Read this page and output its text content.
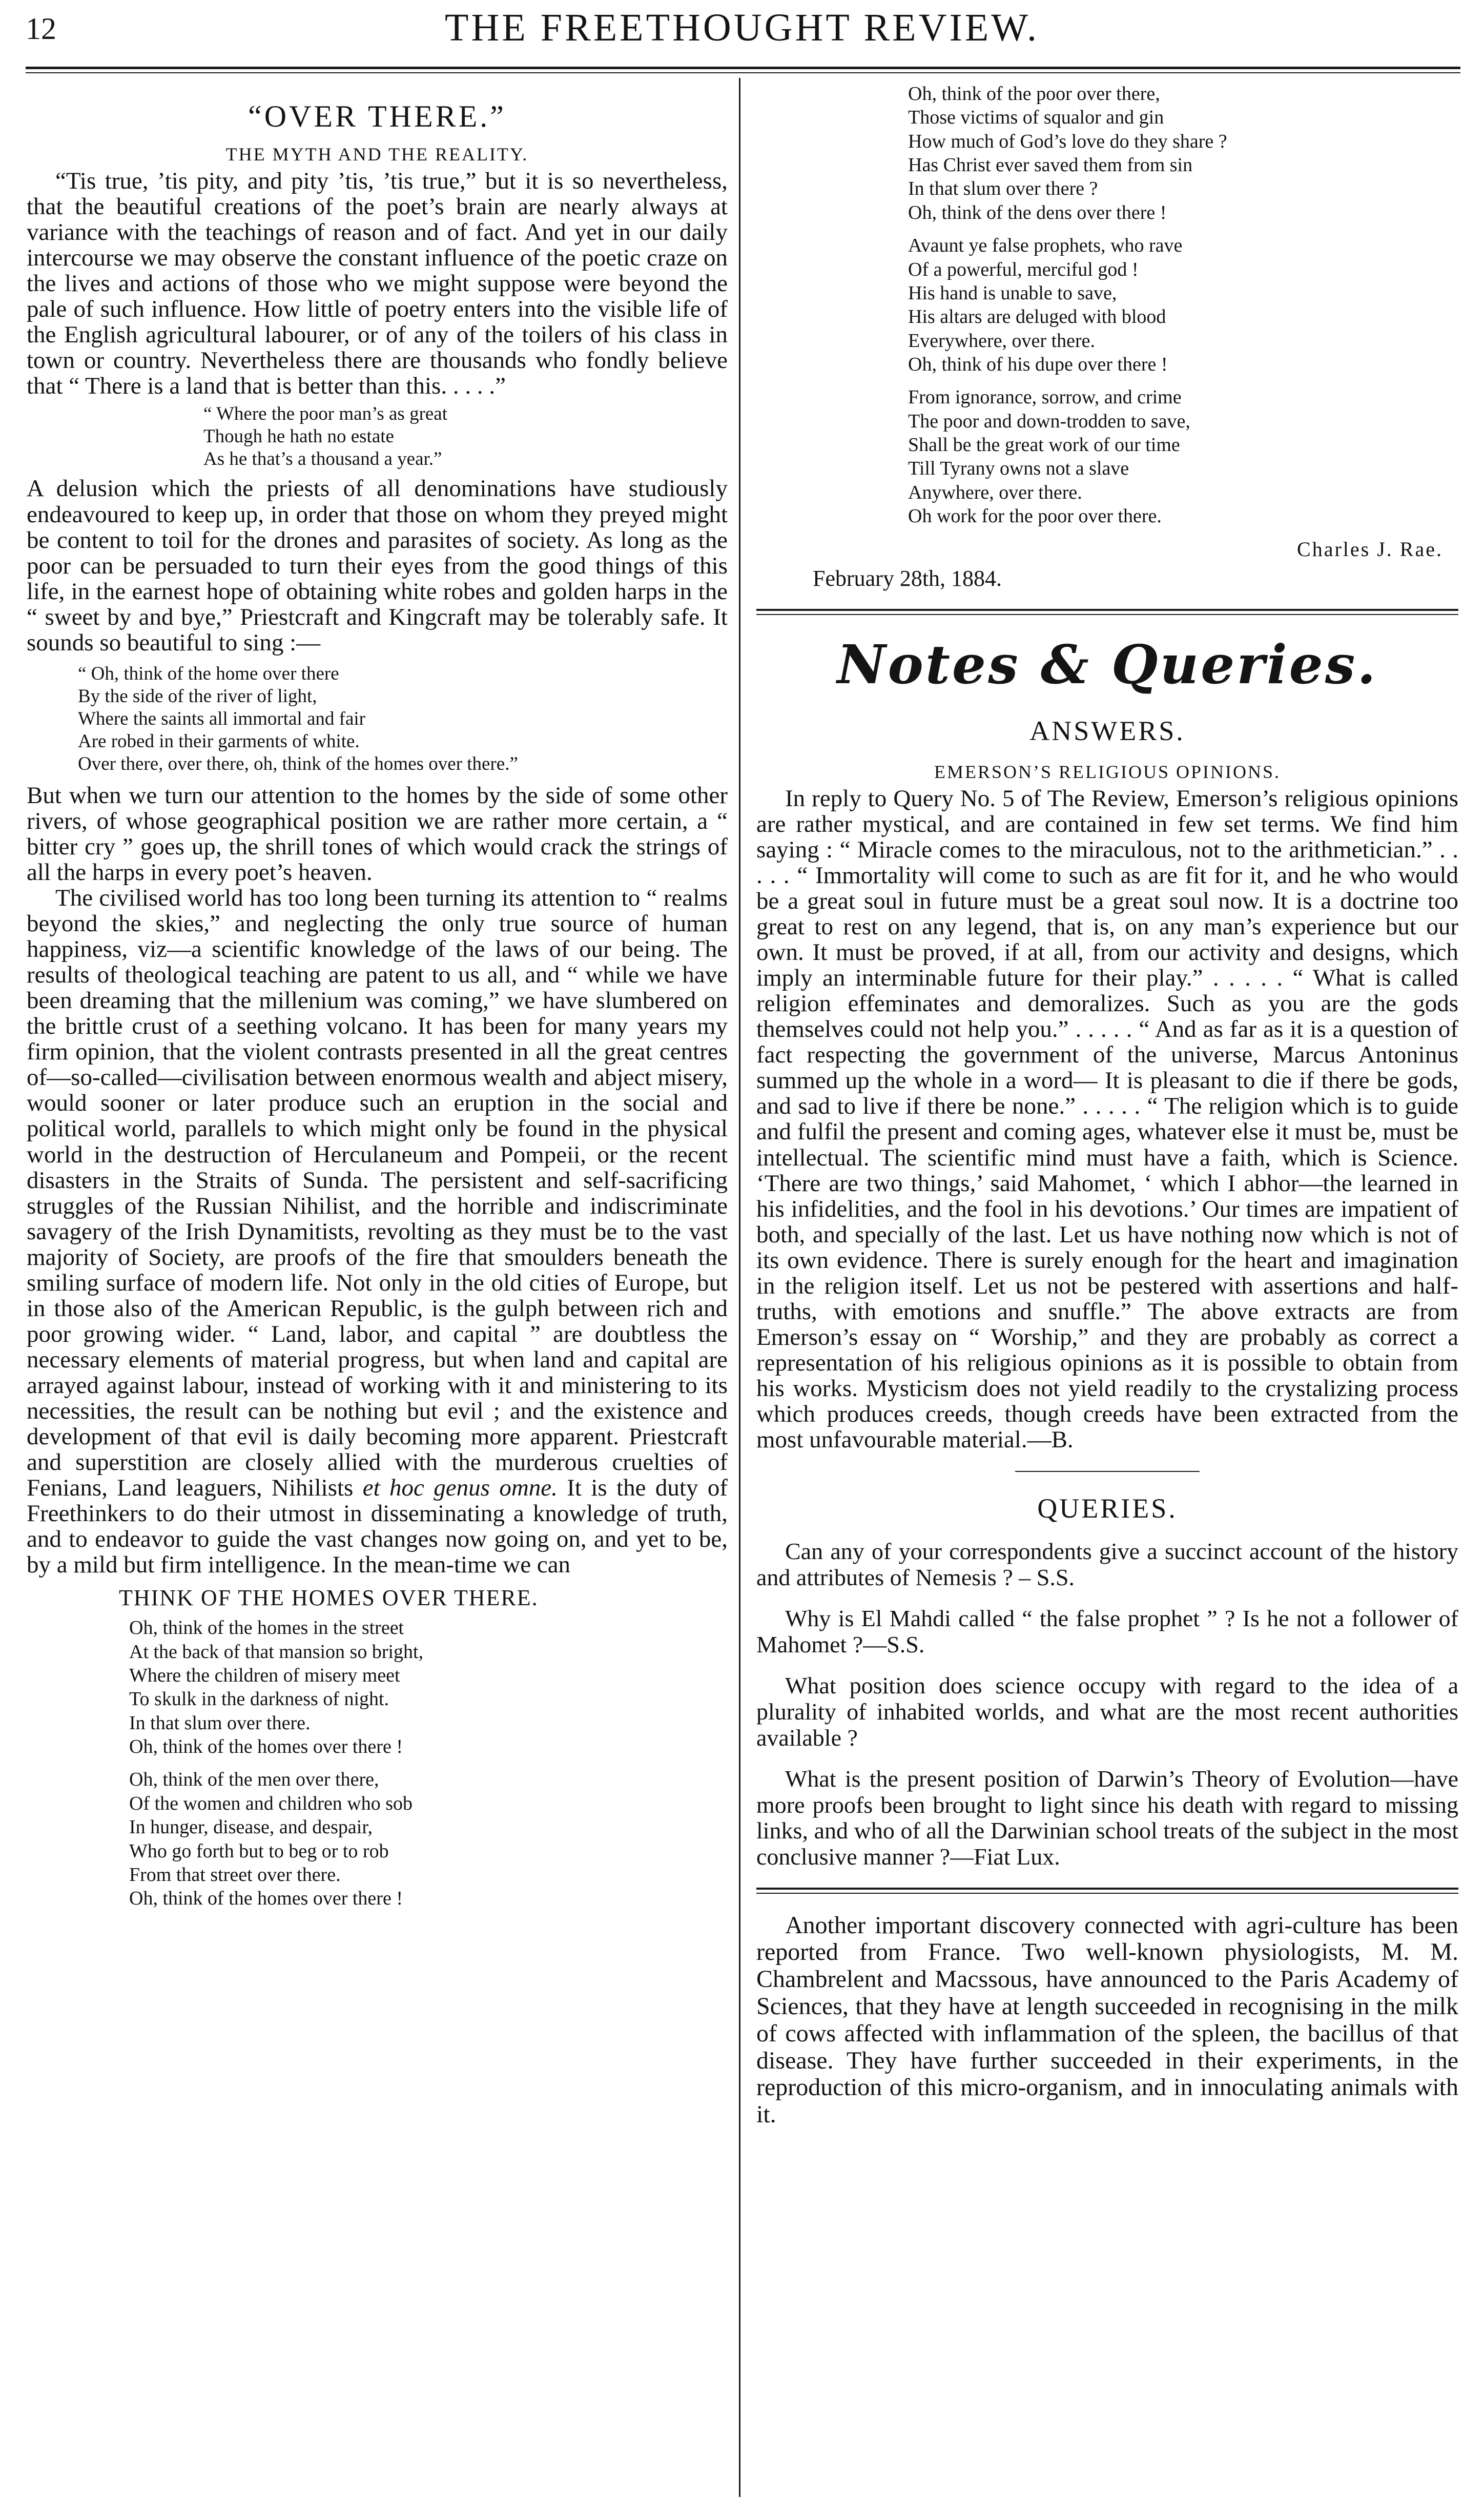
12	THE FREETHOUGHT REVIEW.
“OVER THERE.”
THE MYTH AND THE REALITY.

“Tis true, ’tis pity, and pity ’tis, ’tis true,” but it is so nevertheless, that the beautiful creations of the poet’s brain are nearly always at variance with the teachings of reason and of fact. And yet in our daily intercourse we may observe the constant influence of the poetic craze on the lives and actions of those who we might suppose were beyond the pale of such influence. How little of poetry enters into the visible life of the English agricultural labourer, or of any of the toilers of his class in town or country. Nevertheless there are thousands who fondly believe that “ There is a land that is better than this. . . . .”

“ Where the poor man’s as great
Though he hath no estate
As he that’s a thousand a year.”

A delusion which the priests of all denominations have studiously endeavoured to keep up, in order that those on whom they preyed might be content to toil for the drones and parasites of society. As long as the poor can be persuaded to turn their eyes from the good things of this life, in the earnest hope of obtaining white robes and golden harps in the “ sweet by and bye,” Priestcraft and Kingcraft may be tolerably safe. It sounds so beautiful to sing :—

“ Oh, think of the home over there
By the side of the river of light,
Where the saints all immortal and fair
Are robed in their garments of white.
Over there, over there, oh, think of the homes over there.”

But when we turn our attention to the homes by the side of some other rivers, of whose geographical position we are rather more certain, a “ bitter cry ” goes up, the shrill tones of which would crack the strings of all the harps in every poet’s heaven.

The civilised world has too long been turning its attention to “ realms beyond the skies,” and neglecting the only true source of human happiness, viz—a scientific knowledge of the laws of our being. The results of theological teaching are patent to us all, and “ while we have been dreaming that the millenium was coming,” we have slumbered on the brittle crust of a seething volcano. It has been for many years my firm opinion, that the violent contrasts presented in all the great centres of—so-called—civilisation between enormous wealth and abject misery, would sooner or later produce such an eruption in the social and political world, parallels to which might only be found in the physical world in the destruction of Herculaneum and Pompeii, or the recent disasters in the Straits of Sunda. The persistent and self-sacrificing struggles of the Russian Nihilist, and the horrible and indiscriminate savagery of the Irish Dynamitists, revolting as they must be to the vast majority of Society, are proofs of the fire that smoulders beneath the smiling surface of modern life. Not only in the old cities of Europe, but in those also of the American Republic, is the gulph between rich and poor growing wider. “ Land, labor, and capital ” are doubtless the necessary elements of material progress, but when land and capital are arrayed against labour, instead of working with it and ministering to its necessities, the result can be nothing but evil ; and the existence and development of that evil is daily becoming more apparent. Priestcraft and superstition are closely allied with the murderous cruelties of Fenians, Land leaguers, Nihilists et hoc genus omne. It is the duty of Freethinkers to do their utmost in disseminating a knowledge of truth, and to endeavor to guide the vast changes now going on, and yet to be, by a mild but firm intelligence. In the mean-time we can

THINK OF THE HOMES OVER THERE.
Oh, think of the homes in the street
At the back of that mansion so bright,
Where the children of misery meet
To skulk in the darkness of night.
In that slum over there.
Oh, think of the homes over there !
Oh, think of the men over there,
Of the women and children who sob
In hunger, disease, and despair,
Who go forth but to beg or to rob
From that street over there.
Oh, think of the homes over there !
Oh, think of the poor over there,
Those victims of squalor and gin
How much of God’s love do they share ?
Has Christ ever saved them from sin
In that slum over there ?
Oh, think of the dens over there !
Avaunt ye false prophets, who rave
Of a powerful, merciful god !
His hand is unable to save,
His altars are deluged with blood
Everywhere, over there.
Oh, think of his dupe over there !
From ignorance, sorrow, and crime
The poor and down-trodden to save,
Shall be the great work of our time
Till Tyrany owns not a slave
Anywhere, over there.
Oh work for the poor over there.
Charles J. Rae.
February 28th, 1884.
Notes & Queries.
ANSWERS.
EMERSON’S RELIGIOUS OPINIONS.

In reply to Query No. 5 of The Review, Emerson’s religious opinions are rather mystical, and are contained in few set terms. We find him saying : “ Miracle comes to the miraculous, not to the arithmetician.” . . . . . “ Immortality will come to such as are fit for it, and he who would be a great soul in future must be a great soul now. It is a doctrine too great to rest on any legend, that is, on any man’s experience but our own. It must be proved, if at all, from our activity and designs, which imply an interminable future for their play.” . . . . . “ What is called religion effeminates and demoralizes. Such as you are the gods themselves could not help you.” . . . . . “ And as far as it is a question of fact respecting the government of the universe, Marcus Antoninus summed up the whole in a word— It is pleasant to die if there be gods, and sad to live if there be none.” . . . . . “ The religion which is to guide and fulfil the present and coming ages, whatever else it must be, must be intellectual. The scientific mind must have a faith, which is Science. ‘There are two things,’ said Mahomet, ‘ which I abhor—the learned in his infidelities, and the fool in his devotions.’ Our times are impatient of both, and specially of the last. Let us have nothing now which is not of its own evidence. There is surely enough for the heart and imagination in the religion itself. Let us not be pestered with assertions and half-truths, with emotions and snuffle.” The above extracts are from Emerson’s essay on “ Worship,” and they are probably as correct a representation of his religious opinions as it is possible to obtain from his works. Mysticism does not yield readily to the crystalizing process which produces creeds, though creeds have been extracted from the most unfavourable material.—B.

QUERIES.

Can any of your correspondents give a succinct account of the history and attributes of Nemesis ? – S.S.

Why is El Mahdi called “ the false prophet ” ? Is he not a follower of Mahomet ?—S.S.

What position does science occupy with regard to the idea of a plurality of inhabited worlds, and what are the most recent authorities available ?

What is the present position of Darwin’s Theory of Evolution—have more proofs been brought to light since his death with regard to missing links, and who of all the Darwinian school treats of the subject in the most conclusive manner ?—Fiat Lux.

Another important discovery connected with agri-culture has been reported from France. Two well-known physiologists, M. M. Chambrelent and Macssous, have announced to the Paris Academy of Sciences, that they have at length succeeded in recognising in the milk of cows affected with inflammation of the spleen, the bacillus of that disease. They have further succeeded in their experiments, in the reproduction of this micro-organism, and in innoculating animals with it.
